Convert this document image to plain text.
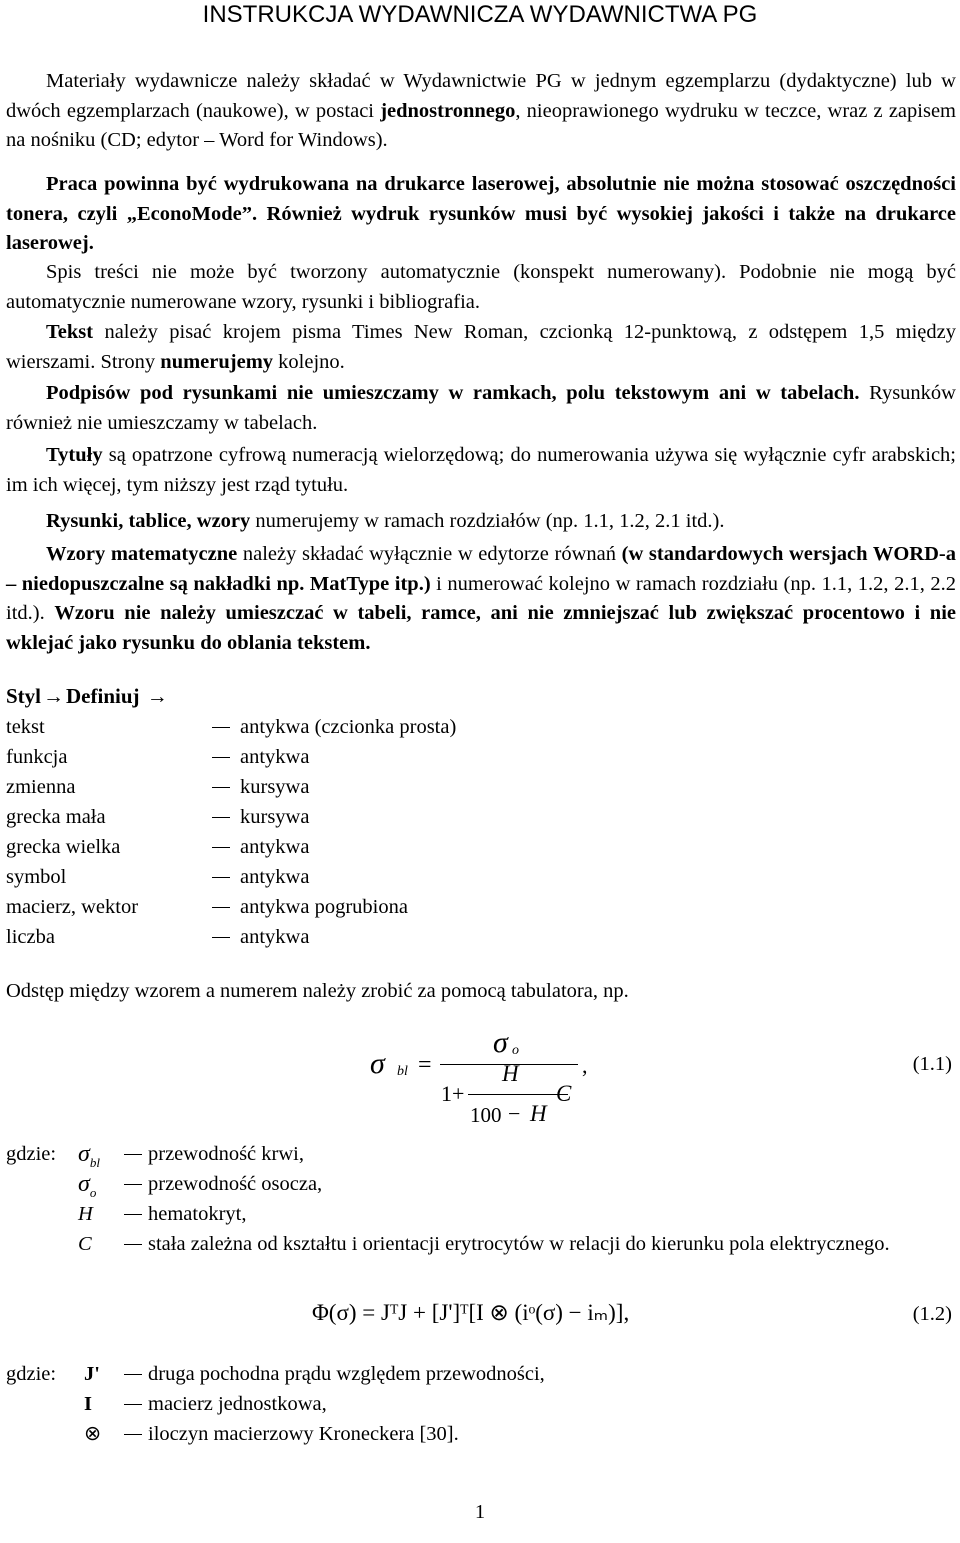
INSTRUKCJA WYDAWNICZA WYDAWNICTWA PG

Materiały wydawnicze należy składać w Wydawnictwie PG w jednym egzemplarzu (dydaktyczne) lub w dwóch egzemplarzach (naukowe), w postaci jednostronnego, nieoprawionego wydruku w teczce, wraz z zapisem na nośniku (CD; edytor – Word for Windows).

Praca powinna być wydrukowana na drukarce laserowej, absolutnie nie można stosować oszczędności tonera, czyli „EconoMode”. Również wydruk rysunków musi być wysokiej jakości i także na drukarce laserowej.

Spis treści nie może być tworzony automatycznie (konspekt numerowany). Podobnie nie mogą być automatycznie numerowane wzory, rysunki i bibliografia.

Tekst należy pisać krojem pisma Times New Roman, czcionką 12-punktową, z odstępem 1,5 między wierszami. Strony numerujemy kolejno.

Podpisów pod rysunkami nie umieszczamy w ramkach, polu tekstowym ani w tabelach. Rysunków również nie umieszczamy w tabelach.

Tytuły są opatrzone cyfrową numeracją wielorzędową; do numerowania używa się wyłącznie cyfr arabskich; im ich więcej, tym niższy jest rząd tytułu.

Rysunki, tablice, wzory numerujemy w ramach rozdziałów (np. 1.1, 1.2, 2.1 itd.).

Wzory matematyczne należy składać wyłącznie w edytorze równań (w standardowych wersjach WORD-a – niedopuszczalne są nakładki np. MatType itp.) i numerować kolejno w ramach rozdziału (np. 1.1, 1.2, 2.1, 2.2 itd.). Wzoru nie należy umieszczać w tabeli, ramce, ani nie zmniejszać lub zwiększać procentowo i nie wklejać jako rysunku do oblania tekstem.

Styl→Definiuj →
tekst	antykwa (czcionka prosta)
funkcja	antykwa
zmienna	kursywa
grecka mała	kursywa
grecka wielka	antykwa
symbol	antykwa
macierz, wektor	antykwa pogrubiona
liczba	antykwa

Odstęp między wzorem a numerem należy zrobić za pomocą tabulatora, np.

σ bl =
σ o
H
1+	C
100 − H
,	(1.1)
gdzie: $\sigma_{bl}$ przewodność krwi,
$\sigma_o$	przewodność osocza,
H	hematokryt,
C	stała zależna od kształtu i orientacji erytrocytów w relacji do kierunku pola elektrycznego.
Φ(σ) = JᵀJ + [J']ᵀ[I ⊗ (iᵒ(σ) − iₘ)],	(1.2)
gdzie: J' druga pochodna prądu względem przewodności,
I	macierz jednostkowa,
⊗ iloczyn macierzowy Kroneckera [30].
1
